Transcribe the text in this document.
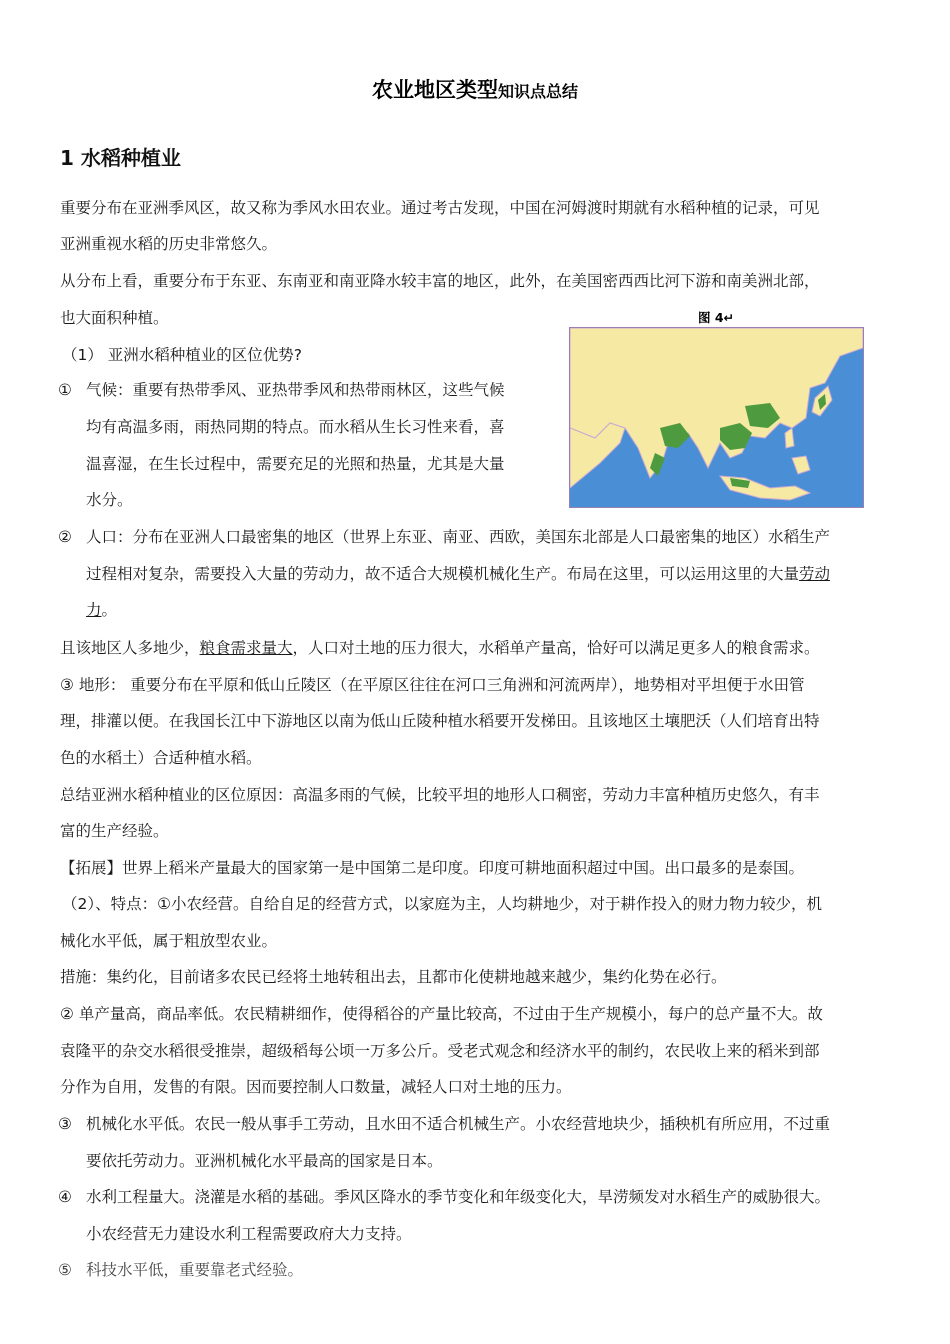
农业地区类型知识点总结
1 水稻种植业
重要分布在亚洲季风区，故又称为季风水田农业。通过考古发现，中国在河姆渡时期就有水稻种植的记录，可见
亚洲重视水稻的历史非常悠久。
从分布上看，重要分布于东亚、东南亚和南亚降水较丰富的地区，此外，在美国密西西比河下游和南美洲北部，
也大面积种植。
（1） 亚洲水稻种植业的区位优势?
① 气候：重要有热带季风、亚热带季风和热带雨林区，这些气候
均有高温多雨，雨热同期的特点。而水稻从生长习性来看，喜
温喜湿，在生长过程中，需要充足的光照和热量，尤其是大量
水分。
图 4↵
② 人口：分布在亚洲人口最密集的地区（世界上东亚、南亚、西欧，美国东北部是人口最密集的地区）水稻生产
过程相对复杂，需要投入大量的劳动力，故不适合大规模机械化生产。布局在这里，可以运用这里的大量劳动
力。
且该地区人多地少，粮食需求量大，人口对土地的压力很大，水稻单产量高，恰好可以满足更多人的粮食需求。
③ 地形： 重要分布在平原和低山丘陵区（在平原区往往在河口三角洲和河流两岸），地势相对平坦便于水田管
理，排灌以便。在我国长江中下游地区以南为低山丘陵种植水稻要开发梯田。且该地区土壤肥沃（人们培育出特
色的水稻土）合适种植水稻。
总结亚洲水稻种植业的区位原因：高温多雨的气候，比较平坦的地形人口稠密，劳动力丰富种植历史悠久，有丰
富的生产经验。
【拓展】世界上稻米产量最大的国家第一是中国第二是印度。印度可耕地面积超过中国。出口最多的是泰国。
（2）、特点：①小农经营。自给自足的经营方式，以家庭为主，人均耕地少，对于耕作投入的财力物力较少，机
械化水平低，属于粗放型农业。
措施：集约化，目前诸多农民已经将土地转租出去，且都市化使耕地越来越少，集约化势在必行。
② 单产量高，商品率低。农民精耕细作，使得稻谷的产量比较高，不过由于生产规模小，每户的总产量不大。故
袁隆平的杂交水稻很受推崇，超级稻每公顷一万多公斤。受老式观念和经济水平的制约，农民收上来的稻米到部
分作为自用，发售的有限。因而要控制人口数量，减轻人口对土地的压力。
③ 机械化水平低。农民一般从事手工劳动，且水田不适合机械生产。小农经营地块少，插秧机有所应用，不过重
要依托劳动力。亚洲机械化水平最高的国家是日本。
④ 水利工程量大。浇灌是水稻的基础。季风区降水的季节变化和年级变化大，旱涝频发对水稻生产的威胁很大。
小农经营无力建设水利工程需要政府大力支持。
⑤ 科技水平低，重要靠老式经验。
